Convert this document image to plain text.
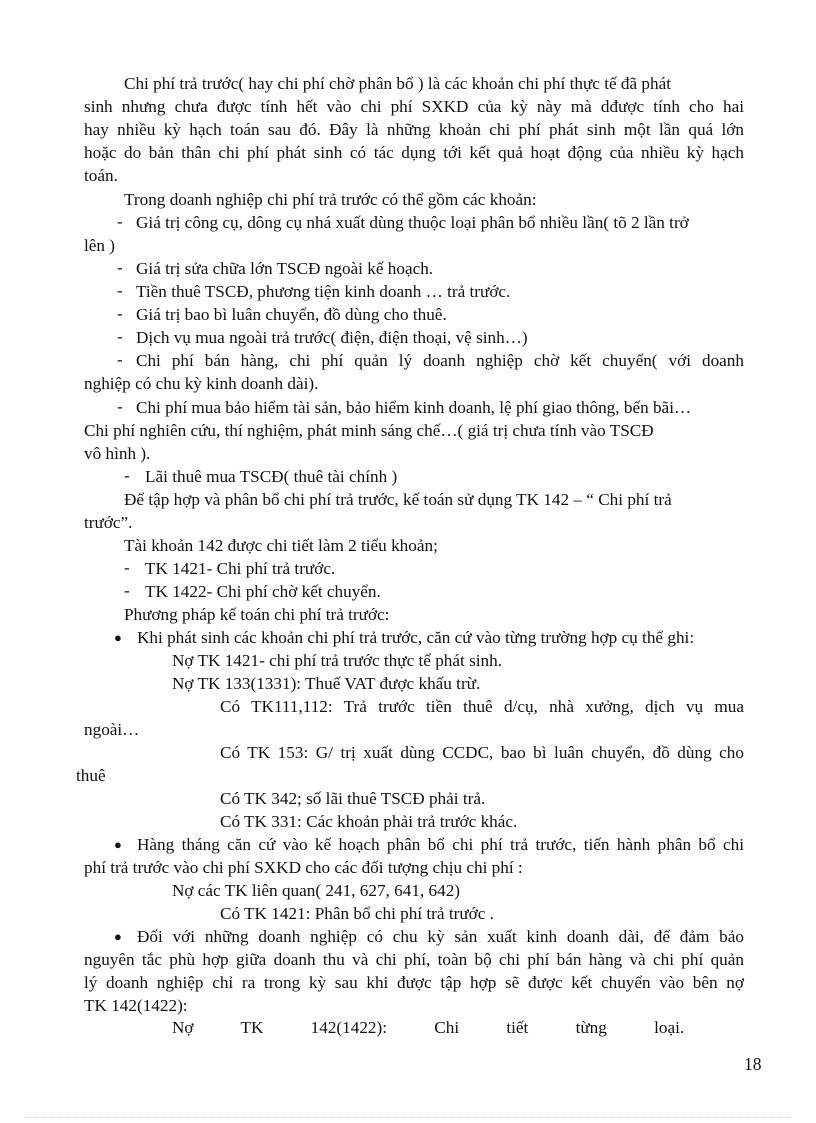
Chi phí trả trước( hay chi phí chờ phân bổ ) là các khoản chi phí thực tế đã phát
sinh nhưng chưa được tính hết vào chi phí SXKD của kỳ này mà dđược tính cho hai
hay nhiều kỳ hạch toán sau đó. Đây là những khoản chi phí phát sinh một lần quá lớn
hoặc do bản thân chi phí phát sinh có tác dụng tới kết quả hoạt động của nhiều kỳ hạch
toán.
Trong doanh nghiệp chi phí trả trước có thể gồm các khoản:
- Giá trị công cụ, dông cụ nhá xuất dùng thuộc loại phân bổ nhiều lần( tõ 2 lần trở
lên )
- Giá trị sửa chữa lớn TSCĐ ngoài kế hoạch.
- Tiền thuê TSCĐ, phương tiện kinh doanh … trả trước.
- Giá trị bao bì luân chuyển, đồ dùng cho thuê.
- Dịch vụ mua ngoài trả trước( điện, điện thoại, vệ sinh…)
- Chi phí bán hàng, chi phí quản lý doanh nghiệp chờ kết chuyển( với doanh
nghiệp có chu kỳ kinh doanh dài).
- Chi phí mua bảo hiểm tài sản, bảo hiểm kinh doanh, lệ phí giao thông, bến bãi…
Chi phí nghiên cứu, thí nghiệm, phát minh sáng chế…( giá trị chưa tính vào TSCĐ
vô hình ).
- Lãi thuê mua TSCĐ( thuê tài chính )
Để tập hợp và phân bổ chi phí trả trước, kế toán sử dụng TK 142 – “ Chi phí trả
trước”.
Tài khoản 142 được chi tiết làm 2 tiểu khoản;
- TK 1421- Chi phí trả trước.
- TK 1422- Chi phí chờ kết chuyển.
Phương pháp kế toán chi phí trả trước:
● Khi phát sinh các khoản chi phí trả trước, căn cứ vào từng trường hợp cụ thể ghi:
Nợ TK 1421- chi phí trả trước thực tế phát sinh.
Nợ TK 133(1331): Thuế VAT được khấu trừ.
Có TK111,112: Trả trước tiền thuê d/cụ, nhà xưởng, dịch vụ mua
ngoài…
Có TK 153: G/ trị xuất dùng CCDC, bao bì luân chuyển, đồ dùng cho
thuê
Có TK 342; số lãi thuê TSCĐ phải trả.
Có TK 331: Các khoản phải trả trước khác.
● Hàng tháng căn cứ vào kế hoạch phân bổ chi phí trả trước, tiến hành phân bổ chi
phí trả trước vào chi phí SXKD cho các đối tượng chịu chi phí :
Nợ các TK liên quan( 241, 627, 641, 642)
Có TK 1421: Phân bổ chi phí trả trước .
● Đối với những doanh nghiệp có chu kỳ sản xuất kinh doanh dài, để đảm bảo
nguyên tắc phù hợp giữa doanh thu và chi phí, toàn bộ chi phí bán hàng và chi phí quản
lý doanh nghiệp chỉ ra trong kỳ sau khi được tập hợp sẽ được kết chuyển vào bên nợ
TK 142(1422):
Nợ           TK           142(1422):           Chi           tiết           từng           loại.
18
